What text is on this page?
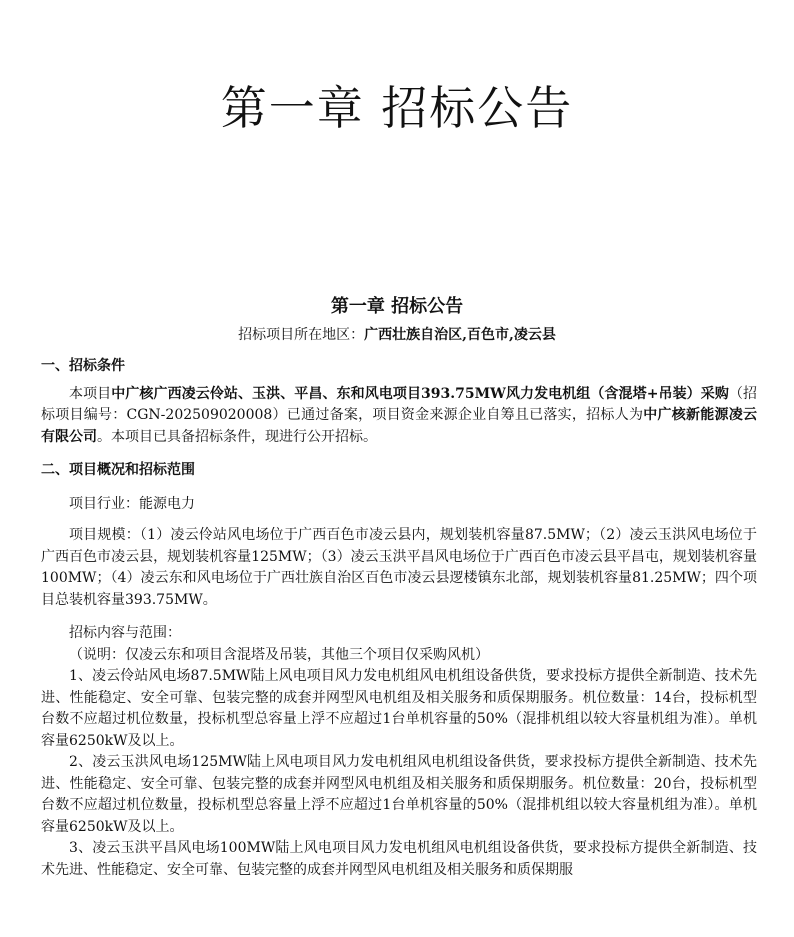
第一章 招标公告
第一章 招标公告

招标项目所在地区：广西壮族自治区,百色市,凌云县

一、招标条件

本项目中广核广西凌云伶站、玉洪、平昌、东和风电项目393.75MW风力发电机组（含混塔+吊装）采购（招标项目编号：CGN-202509020008）已通过备案，项目资金来源企业自筹且已落实，招标人为中广核新能源凌云有限公司。本项目已具备招标条件，现进行公开招标。

二、项目概况和招标范围

项目行业：能源电力

项目规模：（1）凌云伶站风电场位于广西百色市凌云县内，规划装机容量87.5MW；（2）凌云玉洪风电场位于广西百色市凌云县，规划装机容量125MW；（3）凌云玉洪平昌风电场位于广西百色市凌云县平昌屯，规划装机容量100MW；（4）凌云东和风电场位于广西壮族自治区百色市凌云县逻楼镇东北部，规划装机容量81.25MW；四个项目总装机容量393.75MW。

招标内容与范围：

（说明：仅凌云东和项目含混塔及吊装，其他三个项目仅采购风机）

1、凌云伶站风电场87.5MW陆上风电项目风力发电机组风电机组设备供货，要求投标方提供全新制造、技术先进、性能稳定、安全可靠、包装完整的成套并网型风电机组及相关服务和质保期服务。机位数量：14台，投标机型台数不应超过机位数量，投标机型总容量上浮不应超过1台单机容量的50%（混排机组以较大容量机组为准）。单机容量6250kW及以上。

2、凌云玉洪风电场125MW陆上风电项目风力发电机组风电机组设备供货，要求投标方提供全新制造、技术先进、性能稳定、安全可靠、包装完整的成套并网型风电机组及相关服务和质保期服务。机位数量：20台，投标机型台数不应超过机位数量，投标机型总容量上浮不应超过1台单机容量的50%（混排机组以较大容量机组为准）。单机容量6250kW及以上。

3、凌云玉洪平昌风电场100MW陆上风电项目风力发电机组风电机组设备供货，要求投标方提供全新制造、技术先进、性能稳定、安全可靠、包装完整的成套并网型风电机组及相关服务和质保期服
